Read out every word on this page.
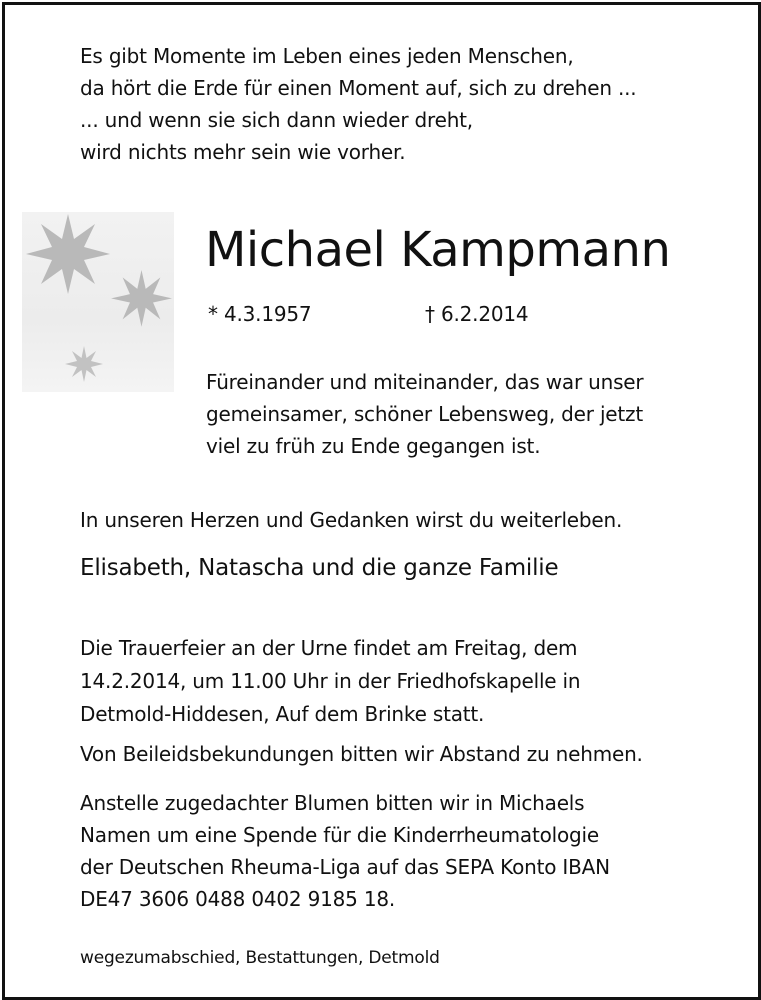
Es gibt Momente im Leben eines jeden Menschen,
da hört die Erde für einen Moment auf, sich zu drehen ...
... und wenn sie sich dann wieder dreht,
wird nichts mehr sein wie vorher.
Michael Kampmann
* 4.3.1957	† 6.2.2014
Füreinander und miteinander, das war unser
gemeinsamer, schöner Lebensweg, der jetzt
viel zu früh zu Ende gegangen ist.
In unseren Herzen und Gedanken wirst du weiterleben.
Elisabeth, Natascha und die ganze Familie
Die Trauerfeier an der Urne findet am Freitag, dem
14.2.2014, um 11.00 Uhr in der Friedhofskapelle in
Detmold-Hiddesen, Auf dem Brinke statt.
Von Beileidsbekundungen bitten wir Abstand zu nehmen.
Anstelle zugedachter Blumen bitten wir in Michaels
Namen um eine Spende für die Kinderrheumatologie
der Deutschen Rheuma-Liga auf das SEPA Konto IBAN
DE47 3606 0488 0402 9185 18.
wegezumabschied, Bestattungen, Detmold
